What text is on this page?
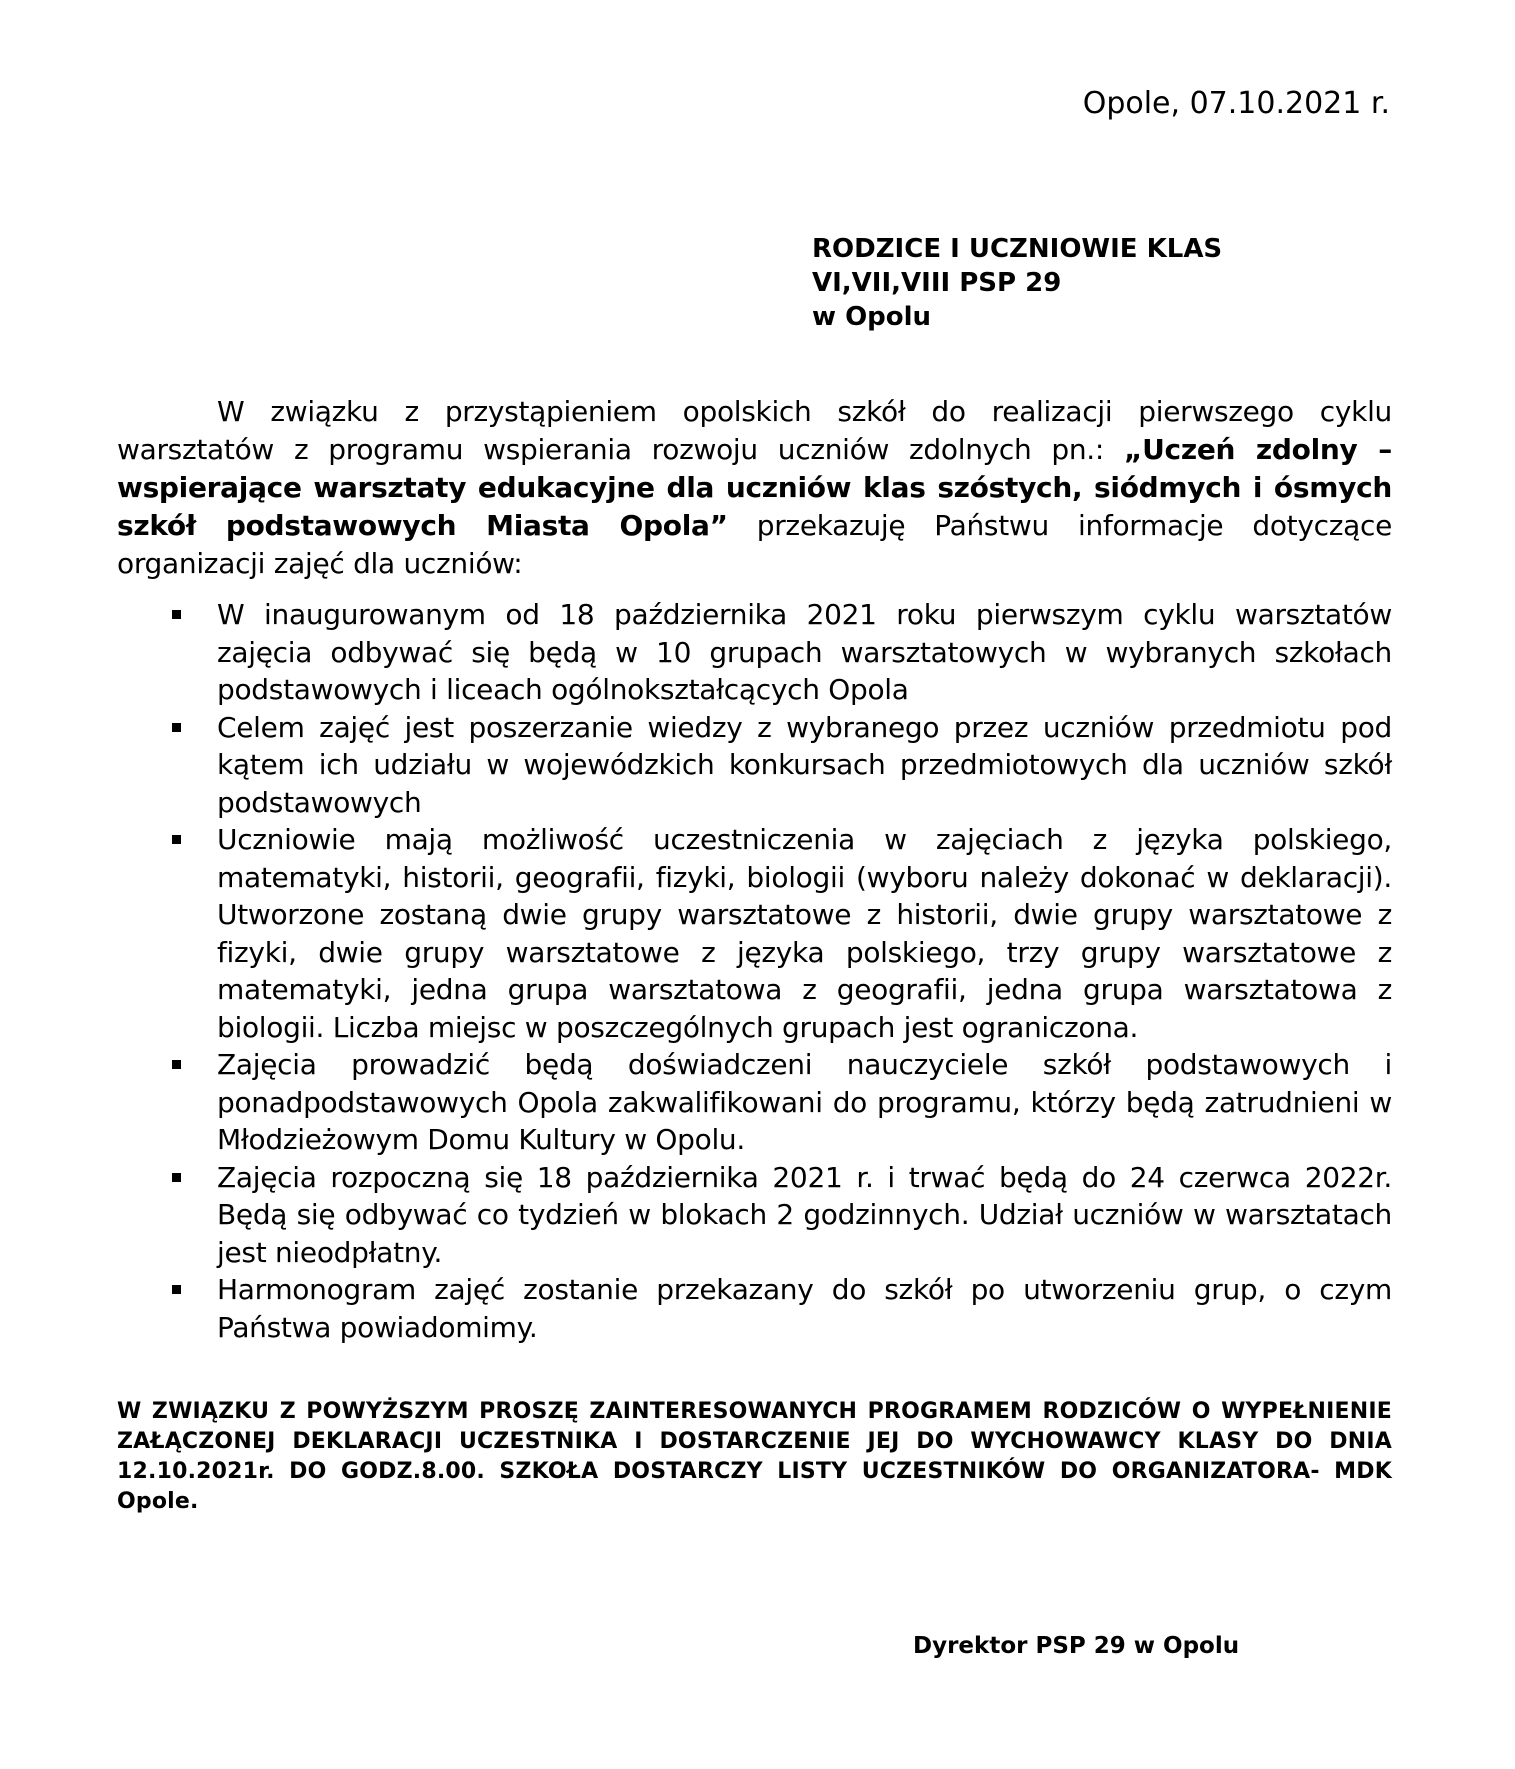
Opole, 07.10.2021 r.
RODZICE I UCZNIOWIE KLAS
VI,VII,VIII PSP 29
w Opolu

W związku z przystąpieniem opolskich szkół do realizacji pierwszego cyklu warsztatów z programu wspierania rozwoju uczniów zdolnych pn.: „Uczeń zdolny – wspierające warsztaty edukacyjne dla uczniów klas szóstych, siódmych i ósmych szkół podstawowych Miasta Opola” przekazuję Państwu informacje dotyczące organizacji zajęć dla uczniów:

W inaugurowanym od 18 października 2021 roku pierwszym cyklu warsztatów zajęcia odbywać się będą w 10 grupach warsztatowych w wybranych szkołach podstawowych i liceach ogólnokształcących Opola
Celem zajęć jest poszerzanie wiedzy z wybranego przez uczniów przedmiotu pod kątem ich udziału w wojewódzkich konkursach przedmiotowych dla uczniów szkół podstawowych
Uczniowie mają możliwość uczestniczenia w zajęciach z języka polskiego, matematyki, historii, geografii, fizyki, biologii (wyboru należy dokonać w deklaracji). Utworzone zostaną dwie grupy warsztatowe z historii, dwie grupy warsztatowe z fizyki, dwie grupy warsztatowe z języka polskiego, trzy grupy warsztatowe z matematyki, jedna grupa warsztatowa z geografii, jedna grupa warsztatowa z biologii. Liczba miejsc w poszczególnych grupach jest ograniczona.
Zajęcia prowadzić będą doświadczeni nauczyciele szkół podstawowych i ponadpodstawowych Opola zakwalifikowani do programu, którzy będą zatrudnieni w Młodzieżowym Domu Kultury w Opolu.
Zajęcia rozpoczną się 18 października 2021 r. i trwać będą do 24 czerwca 2022r. Będą się odbywać co tydzień w blokach 2 godzinnych. Udział uczniów w warsztatach jest nieodpłatny.
Harmonogram zajęć zostanie przekazany do szkół po utworzeniu grup, o czym Państwa powiadomimy.

W ZWIĄZKU Z POWYŻSZYM PROSZĘ ZAINTERESOWANYCH PROGRAMEM RODZICÓW O WYPEŁNIENIE ZAŁĄCZONEJ DEKLARACJI UCZESTNIKA I DOSTARCZENIE JEJ DO WYCHOWAWCY KLASY DO DNIA 12.10.2021r. DO GODZ.8.00. SZKOŁA DOSTARCZY LISTY UCZESTNIKÓW DO ORGANIZATORA- MDK Opole.

Dyrektor PSP 29 w Opolu
